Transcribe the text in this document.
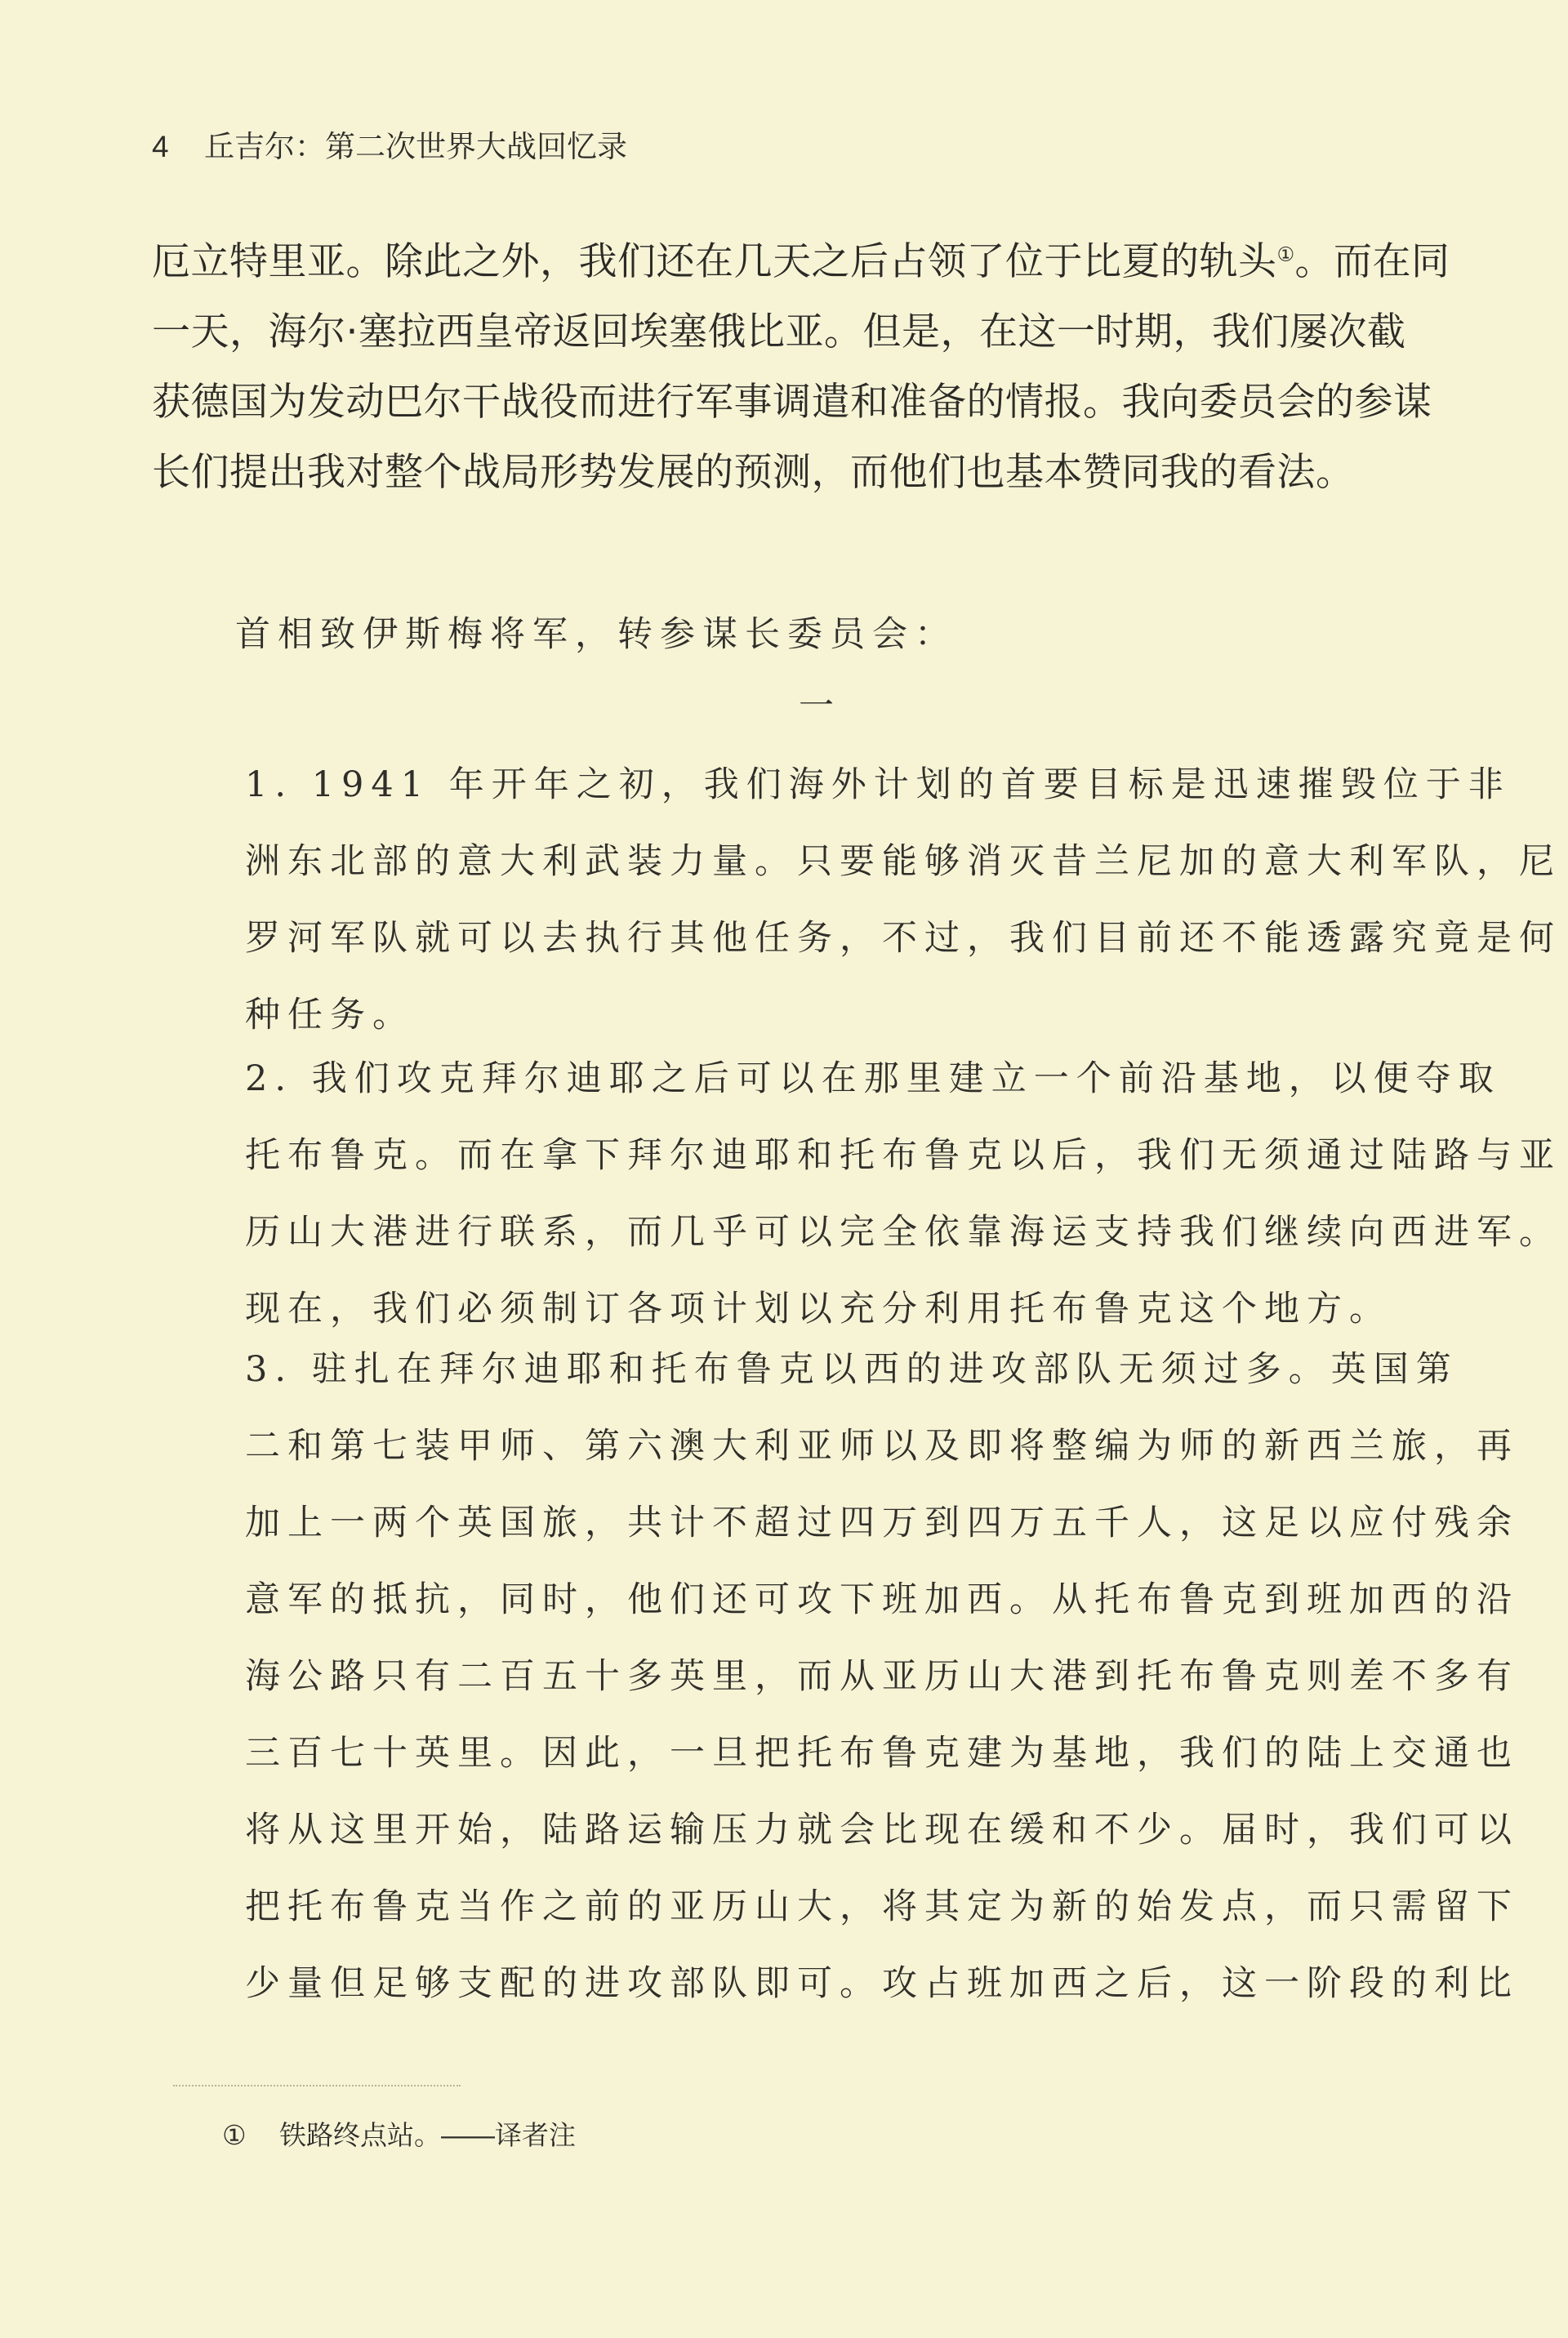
4 丘吉尔：第二次世界大战回忆录
厄立特里亚。除此之外，我们还在几天之后占领了位于比夏的轨头①。而在同
一天，海尔·塞拉西皇帝返回埃塞俄比亚。但是，在这一时期，我们屡次截
获德国为发动巴尔干战役而进行军事调遣和准备的情报。我向委员会的参谋
长们提出我对整个战局形势发展的预测，而他们也基本赞同我的看法。
首相致伊斯梅将军，转参谋长委员会：
一
1. 1941 年开年之初，我们海外计划的首要目标是迅速摧毁位于非
洲东北部的意大利武装力量。只要能够消灭昔兰尼加的意大利军队，尼
罗河军队就可以去执行其他任务，不过，我们目前还不能透露究竟是何
种任务。
2. 我们攻克拜尔迪耶之后可以在那里建立一个前沿基地，以便夺取
托布鲁克。而在拿下拜尔迪耶和托布鲁克以后，我们无须通过陆路与亚
历山大港进行联系，而几乎可以完全依靠海运支持我们继续向西进军。
现在，我们必须制订各项计划以充分利用托布鲁克这个地方。
3. 驻扎在拜尔迪耶和托布鲁克以西的进攻部队无须过多。英国第
二和第七装甲师、第六澳大利亚师以及即将整编为师的新西兰旅，再
加上一两个英国旅，共计不超过四万到四万五千人，这足以应付残余
意军的抵抗，同时，他们还可攻下班加西。从托布鲁克到班加西的沿
海公路只有二百五十多英里，而从亚历山大港到托布鲁克则差不多有
三百七十英里。因此，一旦把托布鲁克建为基地，我们的陆上交通也
将从这里开始，陆路运输压力就会比现在缓和不少。届时，我们可以
把托布鲁克当作之前的亚历山大，将其定为新的始发点，而只需留下
少量但足够支配的进攻部队即可。攻占班加西之后，这一阶段的利比
① 铁路终点站。——译者注
